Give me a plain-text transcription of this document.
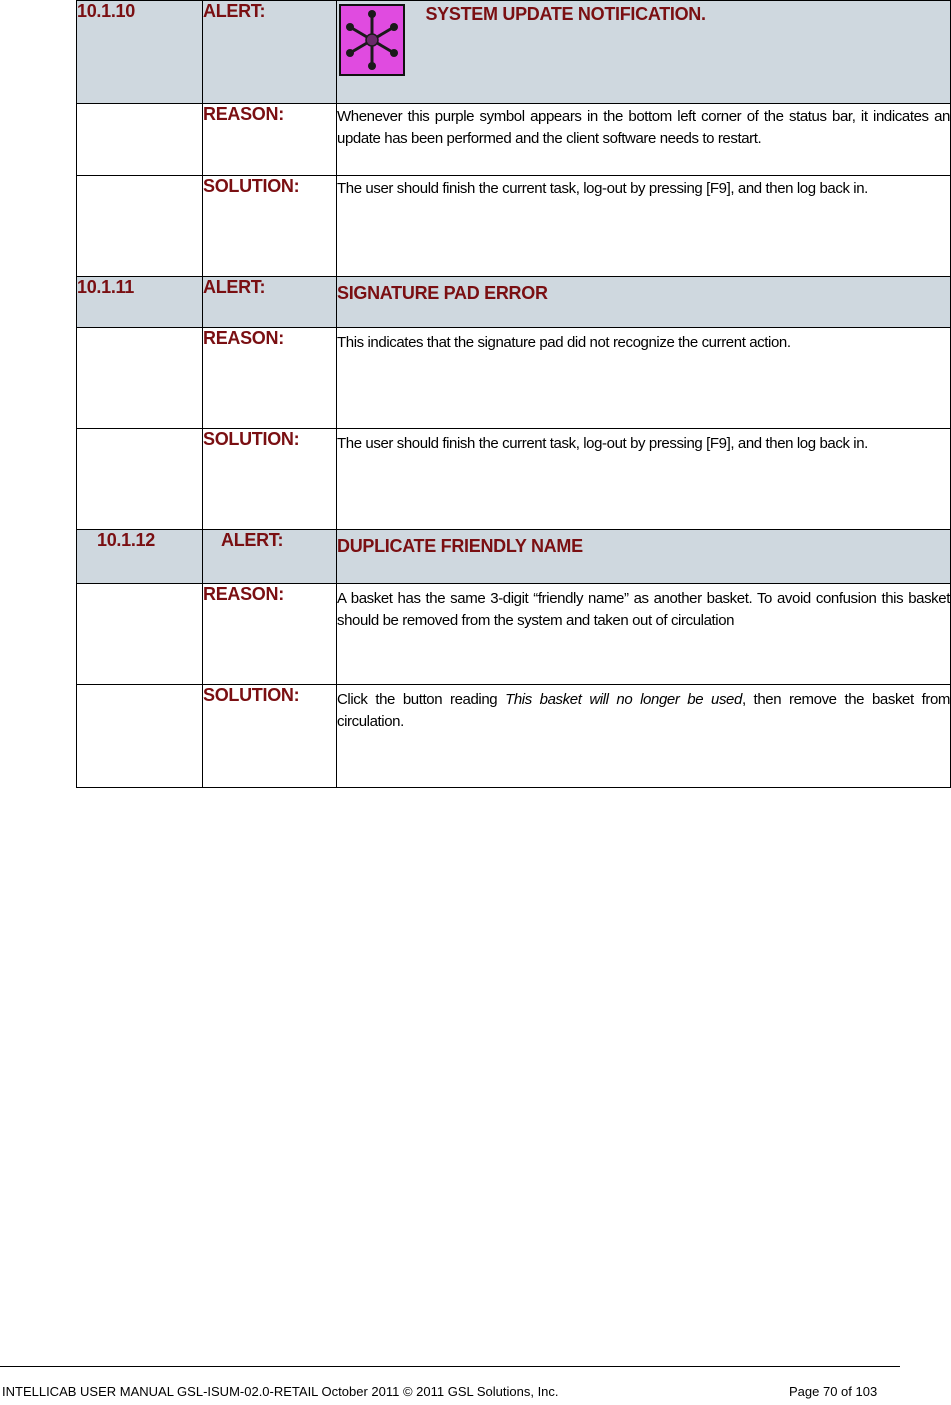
10.1.10	ALERT:	SYSTEM UPDATE NOTIFICATION.
	REASON:	Whenever this purple symbol appears in the bottom left corner of the status bar, it indicates an update has been performed and the client software needs to restart.

	SOLUTION:	The user should finish the current task, log-out by pressing [F9], and then log back in.

10.1.11	ALERT:	SIGNATURE PAD ERROR
	REASON:	This indicates that the signature pad did not recognize the current action.

	SOLUTION:	The user should finish the current task, log-out by pressing [F9], and then log back in.

10.1.12	ALERT:	DUPLICATE FRIENDLY NAME
	REASON:	A basket has the same 3-digit “friendly name” as another basket. To avoid confusion this basket should be removed from the system and taken out of circulation

	SOLUTION:	Click the button reading This basket will no longer be used, then remove the basket from circulation.
INTELLICAB USER MANUAL GSL-ISUM-02.0-RETAIL October 2011 © 2011 GSL Solutions, Inc.	Page 70 of 103
